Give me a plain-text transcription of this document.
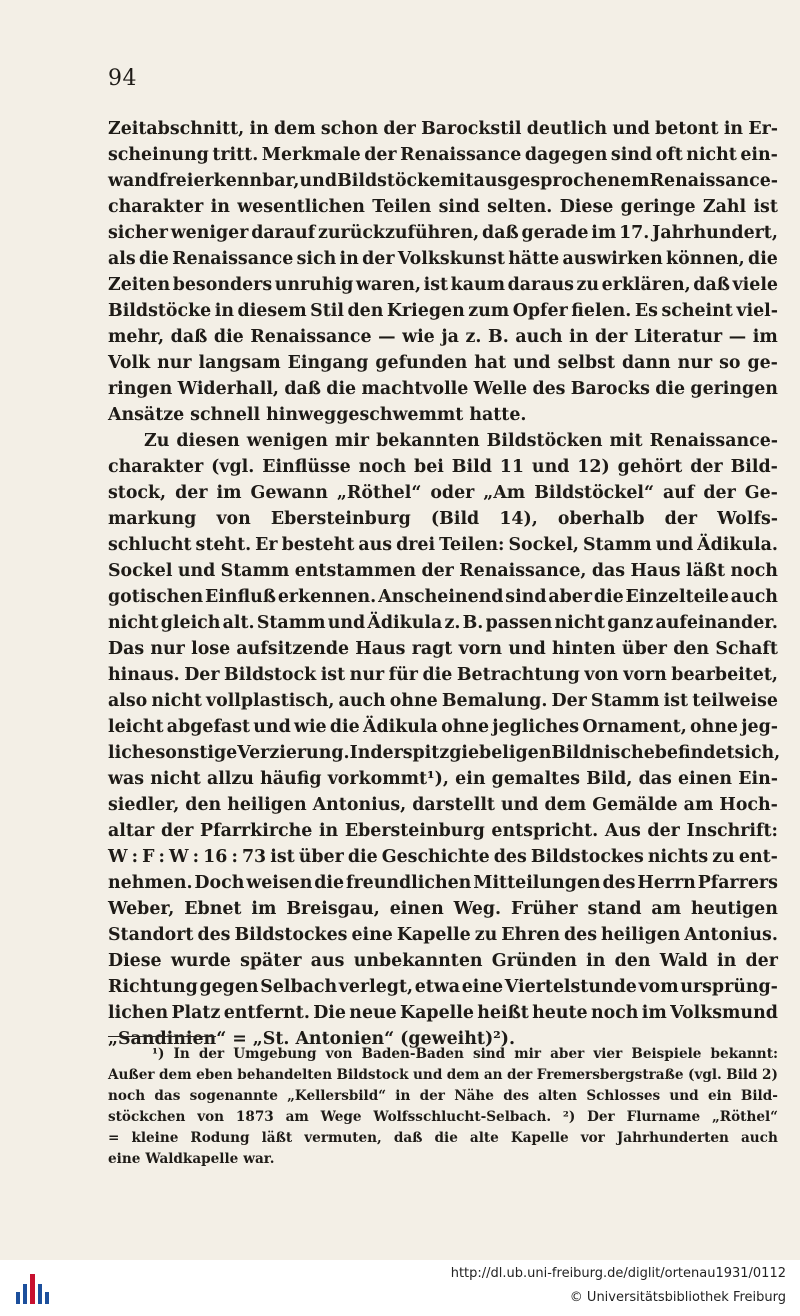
94
Zeitabschnitt, in dem schon der Barockstil deutlich und betont in Er-
scheinung tritt. Merkmale der Renaissance dagegen sind oft nicht ein-
wandfrei erkennbar, und Bildstöcke mit ausgesprochenem Renaissance-
charakter in wesentlichen Teilen sind selten. Diese geringe Zahl ist
sicher weniger darauf zurückzuführen, daß gerade im 17. Jahrhundert,
als die Renaissance sich in der Volkskunst hätte auswirken können, die
Zeiten besonders unruhig waren, ist kaum daraus zu erklären, daß viele
Bildstöcke in diesem Stil den Kriegen zum Opfer fielen. Es scheint viel-
mehr, daß die Renaissance — wie ja z. B. auch in der Literatur — im
Volk nur langsam Eingang gefunden hat und selbst dann nur so ge-
ringen Widerhall, daß die machtvolle Welle des Barocks die geringen
Ansätze schnell hinweggeschwemmt hatte.
Zu diesen wenigen mir bekannten Bildstöcken mit Renaissance-
charakter (vgl. Einflüsse noch bei Bild 11 und 12) gehört der Bild-
stock, der im Gewann „Röthel“ oder „Am Bildstöckel“ auf der Ge-
markung von Ebersteinburg (Bild 14), oberhalb der Wolfs-
schlucht steht. Er besteht aus drei Teilen: Sockel, Stamm und Ädikula.
Sockel und Stamm entstammen der Renaissance, das Haus läßt noch
gotischen Einfluß erkennen. Anscheinend sind aber die Einzelteile auch
nicht gleich alt. Stamm und Ädikula z. B. passen nicht ganz aufeinander.
Das nur lose aufsitzende Haus ragt vorn und hinten über den Schaft
hinaus. Der Bildstock ist nur für die Betrachtung von vorn bearbeitet,
also nicht vollplastisch, auch ohne Bemalung. Der Stamm ist teilweise
leicht abgefast und wie die Ädikula ohne jegliches Ornament, ohne jeg-
liche sonstige Verzierung. In der spitzgiebeligen Bildnische befindet sich,
was nicht allzu häufig vorkommt¹), ein gemaltes Bild, das einen Ein-
siedler, den heiligen Antonius, darstellt und dem Gemälde am Hoch-
altar der Pfarrkirche in Ebersteinburg entspricht. Aus der Inschrift:
W : F : W : 16 : 73 ist über die Geschichte des Bildstockes nichts zu ent-
nehmen. Doch weisen die freundlichen Mitteilungen des Herrn Pfarrers
Weber, Ebnet im Breisgau, einen Weg. Früher stand am heutigen
Standort des Bildstockes eine Kapelle zu Ehren des heiligen Antonius.
Diese wurde später aus unbekannten Gründen in den Wald in der
Richtung gegen Selbach verlegt, etwa eine Viertelstunde vom ursprüng-
lichen Platz entfernt. Die neue Kapelle heißt heute noch im Volksmund
„Sandinien“ = „St. Antonien“ (geweiht)²).
¹) In der Umgebung von Baden-Baden sind mir aber vier Beispiele bekannt:
Außer dem eben behandelten Bildstock und dem an der Fremersbergstraße (vgl. Bild 2)
noch das sogenannte „Kellersbild“ in der Nähe des alten Schlosses und ein Bild-
stöckchen von 1873 am Wege Wolfsschlucht-Selbach. ²) Der Flurname „Röthel“
= kleine Rodung läßt vermuten, daß die alte Kapelle vor Jahrhunderten auch
eine Waldkapelle war.
http://dl.ub.uni-freiburg.de/diglit/ortenau1931/0112
© Universitätsbibliothek Freiburg
